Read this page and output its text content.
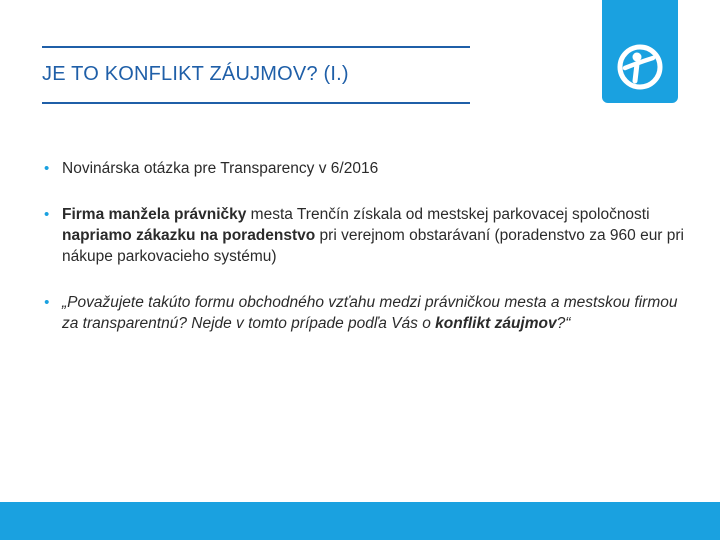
JE TO KONFLIKT ZÁUJMOV? (I.)
• Novinárska otázka pre Transparency v 6/2016
• Firma manžela právničky mesta Trenčín získala od mestskej parkovacej spoločnosti napriamo zákazku na poradenstvo pri verejnom obstarávaní (poradenstvo za 960 eur pri nákupe parkovacieho systému)
• „Považujete takúto formu obchodného vzťahu medzi právničkou mesta a mestskou firmou za transparentnú? Nejde v tomto prípade podľa Vás o konflikt záujmov?“
